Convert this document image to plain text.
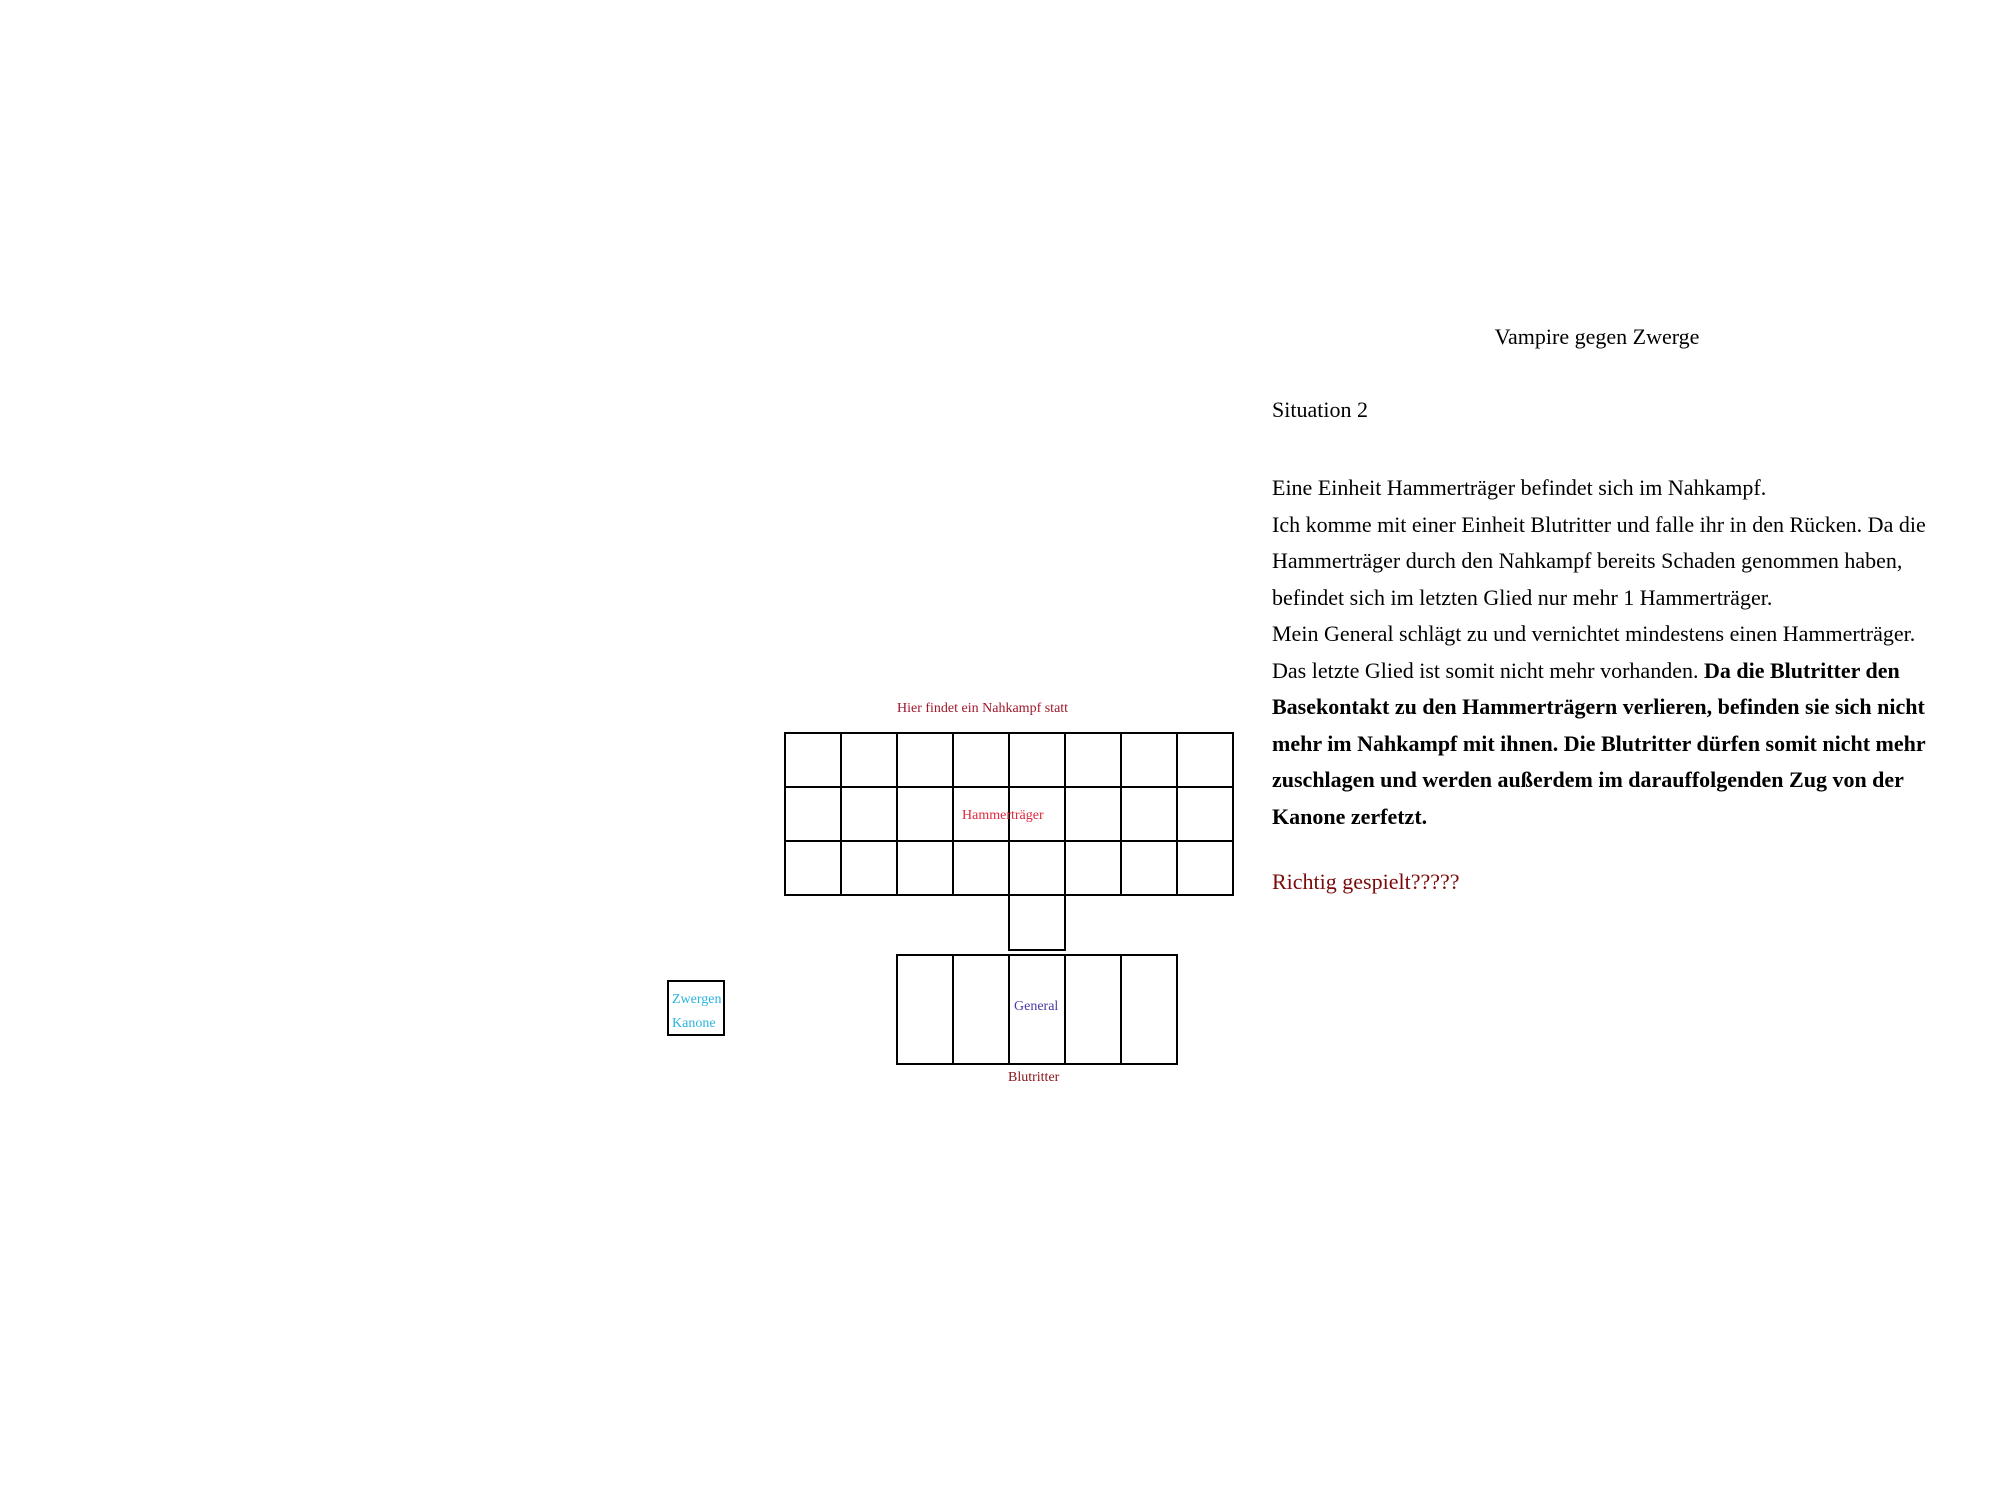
Vampire gegen Zwerge
Situation 2
Eine Einheit Hammerträger befindet sich im Nahkampf.
Ich komme mit einer Einheit Blutritter und falle ihr in den Rücken. Da die Hammerträger durch den Nahkampf bereits Schaden genommen haben, befindet sich im letzten Glied nur mehr 1 Hammerträger.
Mein General schlägt zu und vernichtet mindestens einen Hammerträger. Das letzte Glied ist somit nicht mehr vorhanden. Da die Blutritter den Basekontakt zu den Hammerträgern verlieren, befinden sie sich nicht mehr im Nahkampf mit ihnen. Die Blutritter dürfen somit nicht mehr zuschlagen und werden außerdem im darauffolgenden Zug von der Kanone zerfetzt.
Richtig gespielt?????
Hier findet ein Nahkampf statt
Hammerträger
General
Blutritter
Zwergen
Kanone
